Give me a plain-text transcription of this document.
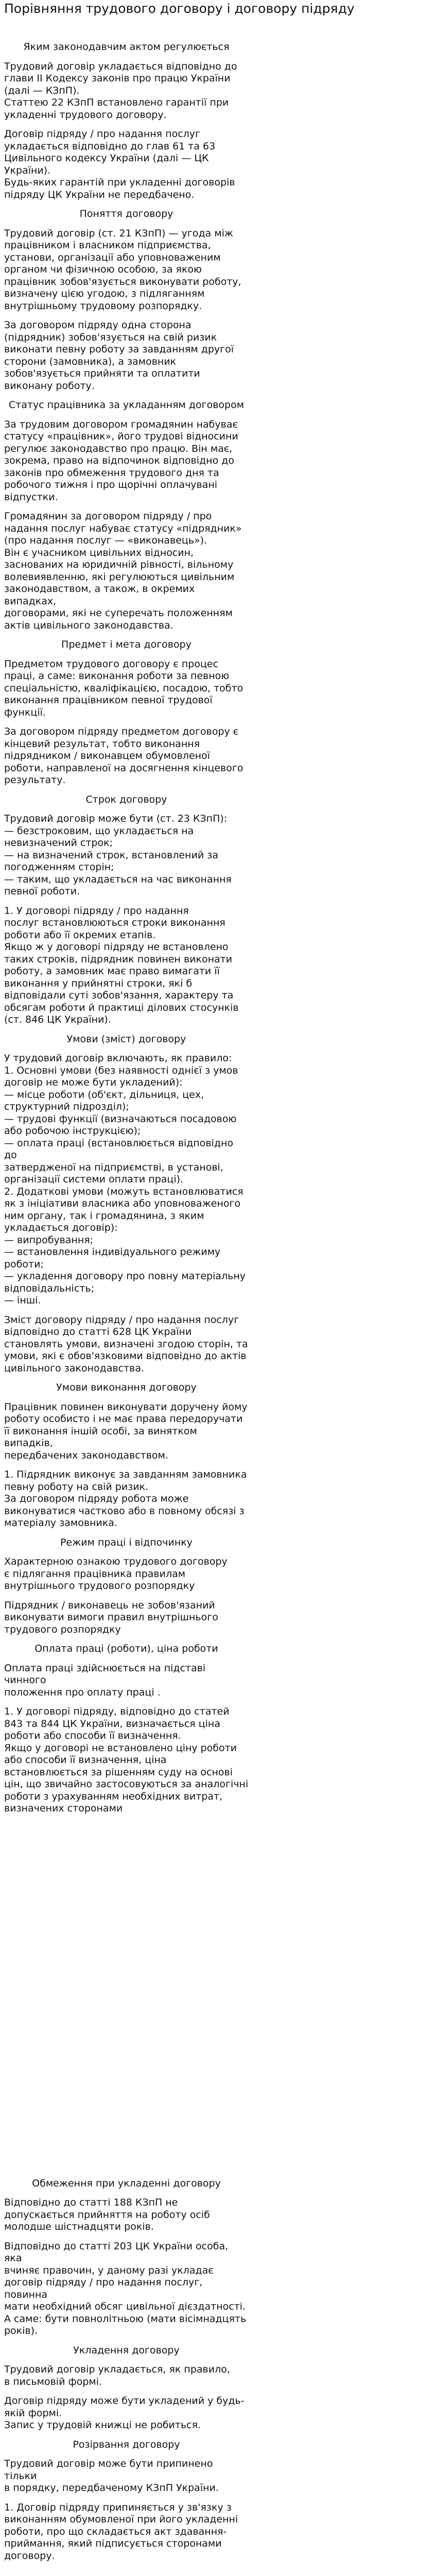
Порівняння трудового договору і договору підряду
Яким законодавчим актом регулюється

Трудовий договір укладається відповідно до
глави ІІ Кодексу законів про працю України
(далі — КЗпП).
Статтею 22 КЗпП встановлено гарантії при
укладенні трудового договору.

Договір підряду / про надання послуг
укладається відповідно до глав 61 та 63
Цивільного кодексу України (далі — ЦК
України).
Будь-яких гарантій при укладенні договорів
підряду ЦК України не передбачено.

Поняття договору

Трудовий договір (ст. 21 КЗпП) — угода між
працівником і власником підприємства,
установи, організації або уповноваженим
органом чи фізичною особою, за якою
працівник зобов'язується виконувати роботу,
визначену цією угодою, з підляганням
внутрішньому трудовому розпорядку.

За договором підряду одна сторона
(підрядник) зобов'язується на свій ризик
виконати певну роботу за завданням другої
сторони (замовника), а замовник
зобов'язується прийняти та оплатити
виконану роботу.

Статус працівника за укладанням договором

За трудовим договором громадянин набуває
статусу «працівник», його трудові відносини
регулює законодавство про працю. Він має,
зокрема, право на відпочинок відповідно до
законів про обмеження трудового дня та
робочого тижня і про щорічні оплачувані
відпустки.

Громадянин за договором підряду / про
надання послуг набуває статусу «підрядник»
(про надання послуг — «виконавець»).
Він є учасником цивільних відносин,
заснованих на юридичній рівності, вільному
волевиявленню, які регулюються цивільним
законодавством, а також, в окремих випадках,
договорами, які не суперечать положенням
актів цивільного законодавства.

Предмет і мета договору

Предметом трудового договору є процес
праці, а саме: виконання роботи за певною
спеціальністю, кваліфікацією, посадою, тобто
виконання працівником певної трудової
функції.

За договором підряду предметом договору є
кінцевий результат, тобто виконання
підрядником / виконавцем обумовленої
роботи, направленої на досягнення кінцевого
результату.

Строк договору

Трудовий договір може бути (ст. 23 КЗпП):
— безстроковим, що укладається на
невизначений строк;
— на визначений строк, встановлений за
погодженням сторін;
— таким, що укладається на час виконання
певної роботи.

1. У договорі підряду / про надання
послуг встановлюються строки виконання
роботи або її окремих етапів.
Якщо ж у договорі підряду не встановлено
таких строків, підрядник повинен виконати
роботу, а замовник має право вимагати її
виконання у прийнятні строки, які б
відповідали суті зобов'язання, характеру та
обсягам роботи й практиці ділових стосунків
(ст. 846 ЦК України).

Умови (зміст) договору

У трудовий договір включають, як правило:
1. Основні умови (без наявності однієї з умов
договір не може бути укладений):
— місце роботи (об'єкт, дільниця, цех,
структурний підрозділ);
— трудові функції (визначаються посадовою
або робочою інструкцією);
— оплата праці (встановлюється відповідно до
затвердженої на підприємстві, в установі,
організації системи оплати праці).
2. Додаткові умови (можуть встановлюватися
як з ініціативи власника або уповноваженого
ним органу, так і громадянина, з яким
укладається договір):
— випробування;
— встановлення індивідуального режиму
роботи;
— укладення договору про повну матеріальну
відповідальність;
— інші.

Зміст договору підряду / про надання послуг
відповідно до статті 628 ЦК України
становлять умови, визначені згодою сторін, та
умови, які є обов'язковими відповідно до актів
цивільного законодавства.

Умови виконання договору

Працівник повинен виконувати доручену йому
роботу особисто і не має права передоручати
її виконання іншій особі, за винятком випадків,
передбачених законодавством.

1. Підрядник виконує за завданням замовника
певну роботу на свій ризик.
За договором підряду робота може
виконуватися частково або в повному обсязі з
матеріалу замовника.

Режим праці і відпочинку

Характерною ознакою трудового договору
є підлягання працівника правилам
внутрішнього трудового розпорядку

Підрядник / виконавець не зобов'язаний
виконувати вимоги правил внутрішнього
трудового розпорядку

Оплата праці (роботи), ціна роботи

Оплата праці здійснюється на підставі чинного
положення про оплату праці .

1. У договорі підряду, відповідно до статей
843 та 844 ЦК України, визначається ціна
роботи або способи її визначення.
Якщо у договорі не встановлено ціну роботи
або способи її визначення, ціна
встановлюється за рішенням суду на основі
цін, що звичайно застосовуються за аналогічні
роботи з урахуванням необхідних витрат,
визначених сторонами

Обмеження при укладенні договору

Відповідно до статті 188 КЗпП не
допускається прийняття на роботу осіб
молодше шістнадцяти років.

Відповідно до статті 203 ЦК України особа, яка
вчиняє правочин, у даному разі укладає
договір підряду / про надання послуг, повинна
мати необхідний обсяг цивільної дієздатності.
А саме: бути повнолітньою (мати вісімнадцять
років).

Укладення договору

Трудовий договір укладається, як правило,
в письмовій формі.

Договір підряду може бути укладений у будь-
якій формі.
Запис у трудовій книжці не робиться.

Розірвання договору

Трудовий договір може бути припинено тільки
в порядку, передбаченому КЗпП України.

1. Договір підряду припиняється у зв'язку з
виконанням обумовленої при його укладенні
роботи, про що складається акт здавання-
приймання, який підписується сторонами
договору.
